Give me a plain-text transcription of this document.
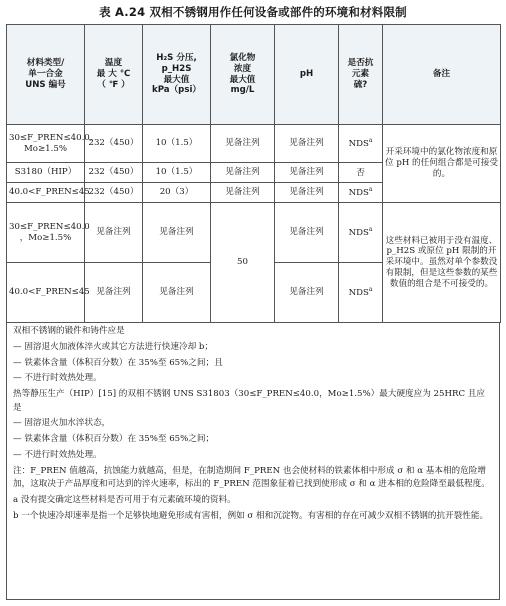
表 A.24 双相不锈钢用作任何设备或部件的环境和材料限制
材料类型/
单一合金
UNS 编号	温度
最 大 ℃
（ ℉ ）	H₂S 分压,
p_H2S
最大值
kPa（psi）	氯化物
浓度
最大值
mg/L	pH	是否抗
元素
硫?	备注

30≤F_PREN≤40.0,
Mo≥1.5%	232（450）	10（1.5）	见备注列	见备注列	NDS$^a$	开采环境中的氯化物浓度和原位 pH 的任何组合都是可接受的。
S3180（HIP）	232（450）	10（1.5）	见备注列	见备注列	否	
40.0<F_PREN≤45	232（450）	20（3）	见备注列	见备注列	NDS$^a$

30≤F_PREN≤40.0
，Mo≥1.5%	见备注列	见备注列	50	见备注列	NDS$^a$	这些材料已被用于没有温度、p_H2S 或原位 pH 限制的开采环境中。虽然对单个参数没有限制，但是这些参数的某些数值的组合是不可接受的。
40.0<F_PREN≤45	见备注列	见备注列		见备注列	NDS$^a$

双相不锈钢的锻件和铸件应是

— 固溶退火加液体淬火或其它方法进行快速冷却 b；

— 铁素体含量（体积百分数）在 35%至 65%之间；且

— 不进行时效热处理。

热等静压生产（HIP）[15] 的双相不锈钢 UNS S31803（30≤F_PREN≤40.0，Mo≥1.5%）最大硬度应为 25HRC 且应是

— 固溶退火加水淬状态，

— 铁素体含量（体积百分数）在 35%至 65%之间；

— 不进行时效热处理。

注：F_PREN 值越高，抗蚀能力就越高，但是，在制造期间 F_PREN 也会使材料的铁素体相中形成 σ 和 α 基本相的危险增加，这取决于产品厚度和可达到的淬火速率，标出的 F_PREN 范围象征着已找到使形成 σ 和 α 进本相的危险降至最低程度。

a 没有提交确定这些材料是否可用于有元素硫环境的资料。

b 一个快速冷却速率是指一个足够快地避免形成有害相，例如 σ 相和沉淀物。有害相的存在可减少双相不锈钢的抗开裂性能。
